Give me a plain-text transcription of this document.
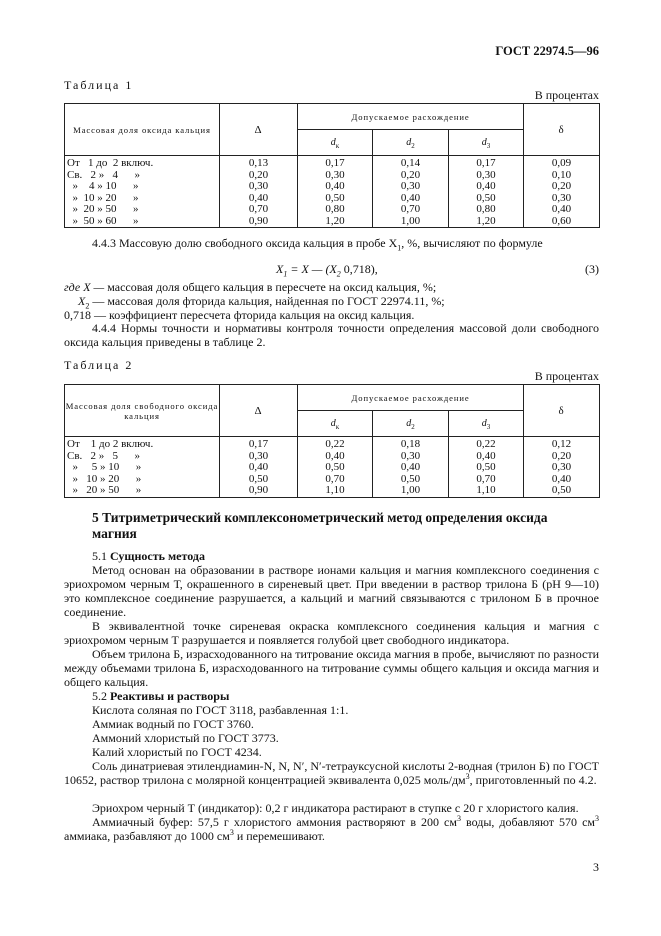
ГОСТ 22974.5—96
Таблица 1
В процентах
Массовая доля оксида кальция	Δ	Допускаемое расхождение			δ
		$d_к$	$d_2$	$d_3$
От   1 до  2 включ.	0,13	0,17	0,14	0,17	0,09
Св.   2 »   4      »	0,20	0,30	0,20	0,30	0,10
»    4 » 10      »	0,30	0,40	0,30	0,40	0,20
»  10 » 20      »	0,40	0,50	0,40	0,50	0,30
»  20 » 50      »	0,70	0,80	0,70	0,80	0,40
»  50 » 60      »	0,90	1,20	1,00	1,20	0,60

4.4.3 Массовую долю свободного оксида кальция в пробе $X_1$, %, вычисляют по формуле

$X_1 = X$ — ($X_2$ 0,718),	(3)

где X — массовая доля общего кальция в пересчете на оксид кальция, %;

$X_2$ — массовая доля фторида кальция, найденная по ГОСТ 22974.11, %;

0,718 — коэффициент пересчета фторида кальция на оксид кальция.

4.4.4 Нормы точности и нормативы контроля точности определения массовой доли свободного оксида кальция приведены в таблице 2.

Таблица 2
В процентах
Массовая доля свободного оксида кальция	Δ	Допускаемое расхождение			δ
		$d_к$	$d_2$	$d_3$
От    1 до 2 включ.	0,17	0,22	0,18	0,22	0,12
Св.   2 »   5      »	0,30	0,40	0,30	0,40	0,20
»     5 » 10      »	0,40	0,50	0,40	0,50	0,30
»   10 » 20      »	0,50	0,70	0,50	0,70	0,40
»   20 » 50      »	0,90	1,10	1,00	1,10	0,50

5 Титриметрический комплексонометрический метод определения оксида магния

5.1 Сущность метода

Метод основан на образовании в растворе ионами кальция и магния комплексного соединения с эриохромом черным Т, окрашенного в сиреневый цвет. При введении в раствор трилона Б (рН 9—10) это комплексное соединение разрушается, а кальций и магний связываются с трилоном Б в прочное соединение.

В эквивалентной точке сиреневая окраска комплексного соединения кальция и магния с эриохромом черным Т разрушается и появляется голубой цвет свободного индикатора.

Объем трилона Б, израсходованного на титрование оксида магния в пробе, вычисляют по разности между объемами трилона Б, израсходованного на титрование суммы общего кальция и оксида магния и общего кальция.

5.2 Реактивы и растворы

Кислота соляная по ГОСТ 3118, разбавленная 1:1.

Аммиак водный по ГОСТ 3760.

Аммоний хлористый по ГОСТ 3773.

Калий хлористый по ГОСТ 4234.

Соль динатриевая этилендиамин-N, N, N′, N′-тетрауксусной кислоты 2-водная (трилон Б) по ГОСТ 10652, раствор трилона с молярной концентрацией эквивалента 0,025 моль/$дм^3$, приготовленный по 4.2.

Эриохром черный Т (индикатор): 0,2 г индикатора растирают в ступке с 20 г хлористого калия.

Аммиачный буфер: 57,5 г хлористого аммония растворяют в 200 $см^3$ воды, добавляют 570 $см^3$ аммиака, разбавляют до 1000 $см^3$ и перемешивают.

3
